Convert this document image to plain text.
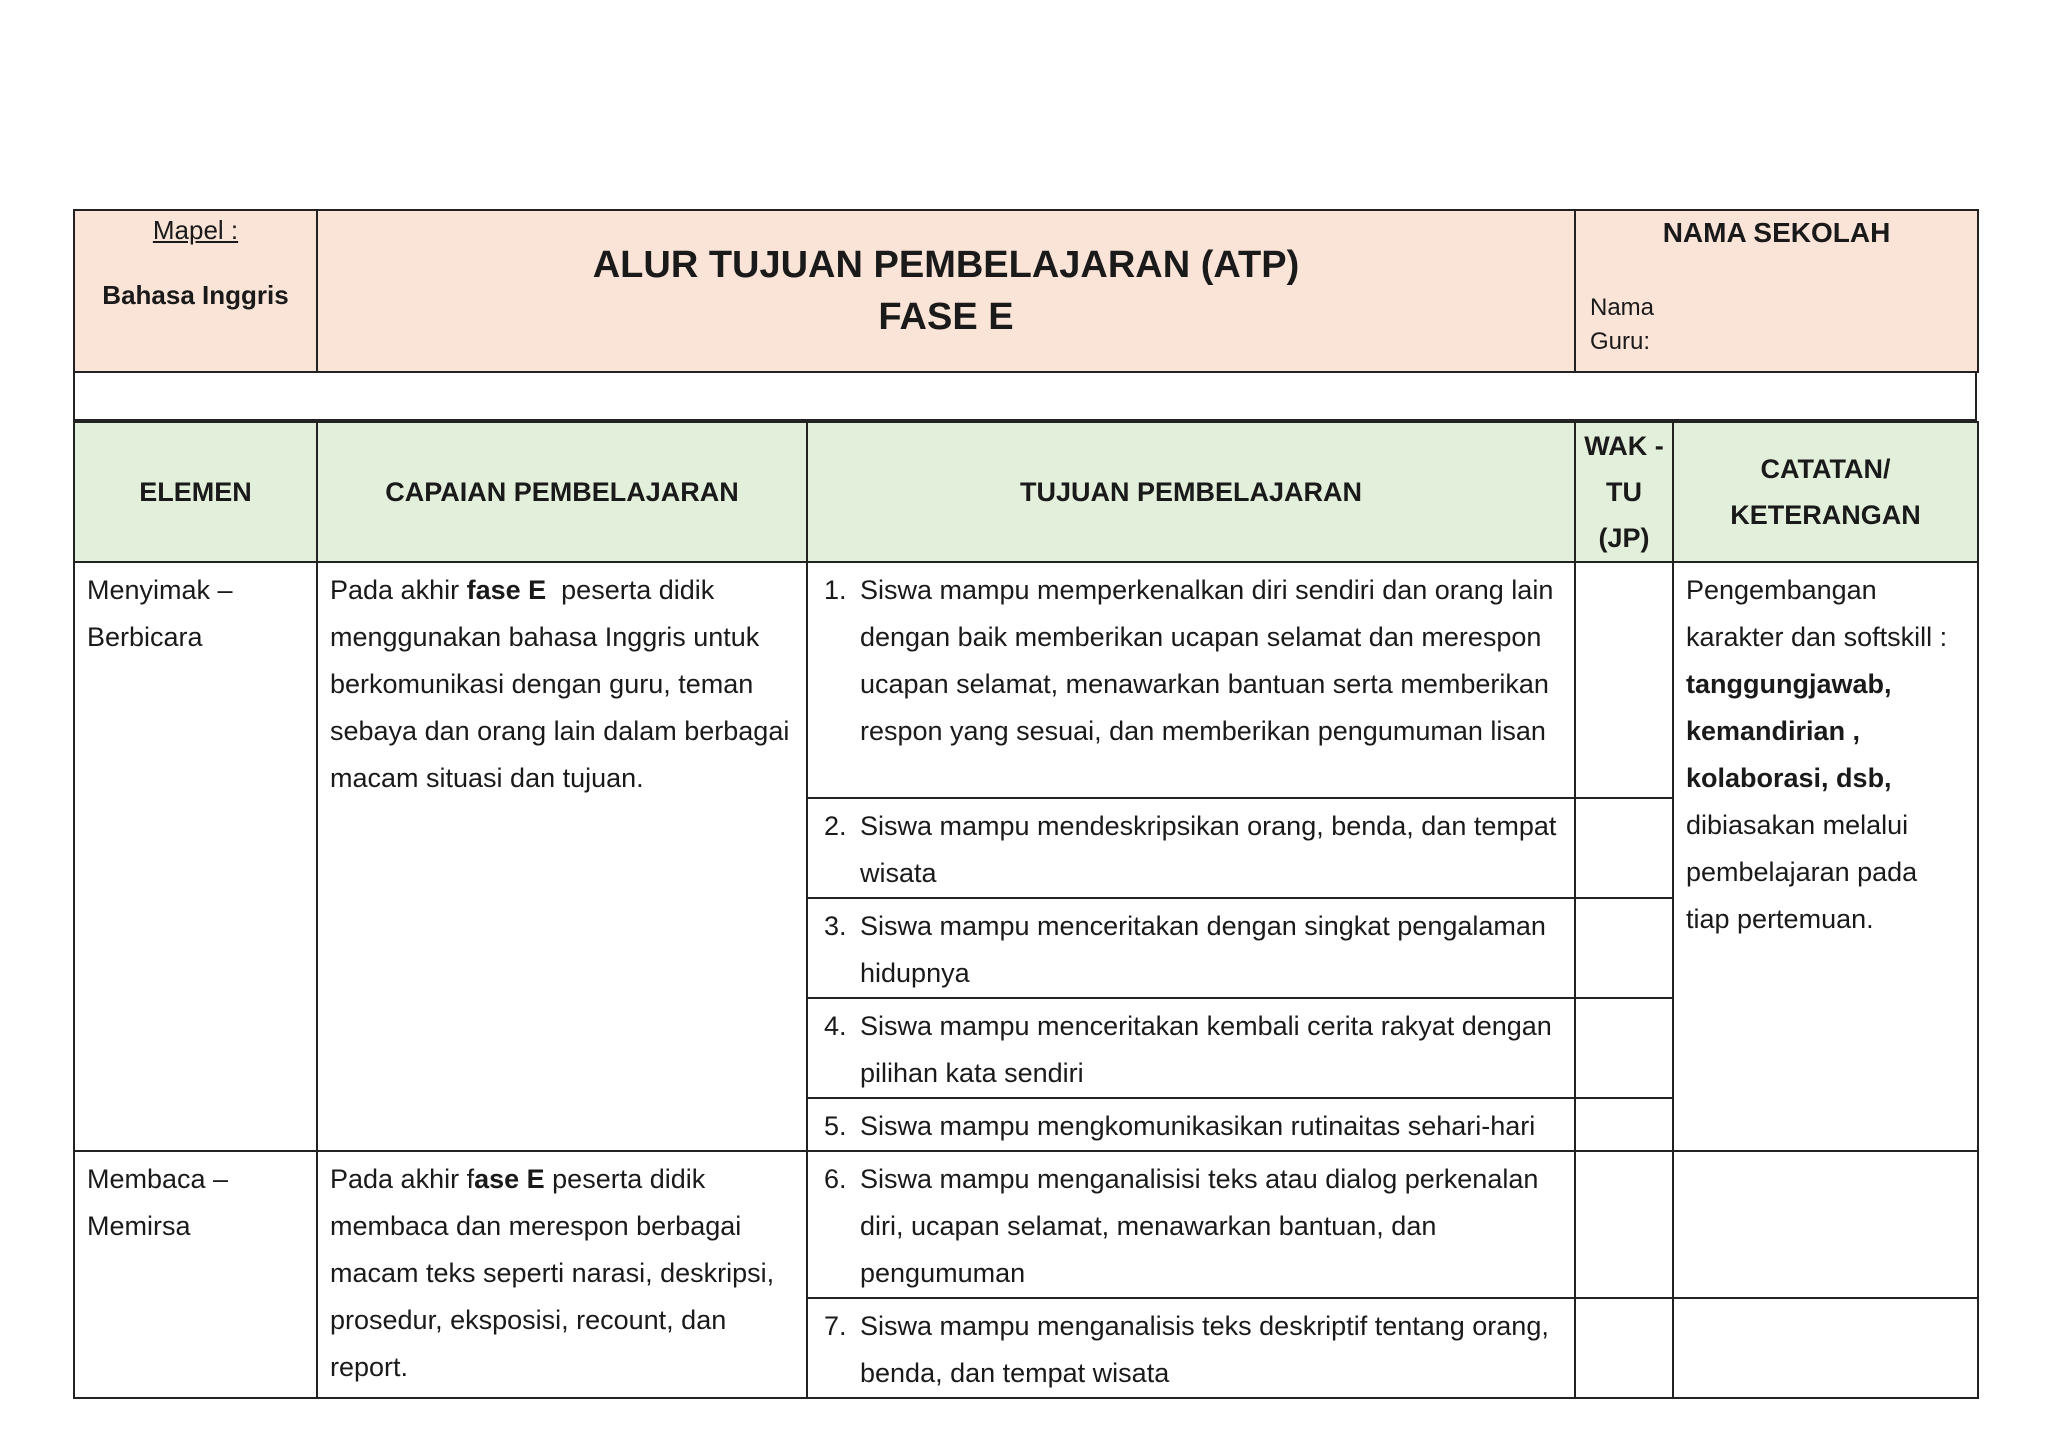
Mapel :
Bahasa Inggris

ALUR TUJUAN PEMBELAJARAN (ATP)
FASE E

NAMA SEKOLAH
Nama Guru:
ELEMEN	CAPAIAN PEMBELAJARAN	TUJUAN PEMBELAJARAN	WAK - TU (JP)	CATATAN/
KETERANGAN

Menyimak – Berbicara	Pada akhir fase E  peserta didik menggunakan bahasa Inggris untuk berkomunikasi dengan guru, teman sebaya dan orang lain dalam berbagai macam situasi dan tujuan.	1. Siswa mampu memperkenalkan diri sendiri dan orang lain dengan baik memberikan ucapan selamat dan merespon ucapan selamat, menawarkan bantuan serta memberikan respon yang sesuai, dan memberikan pengumuman lisan		Pengembangan karakter dan softskill : tanggungjawab, kemandirian , kolaborasi, dsb, dibiasakan melalui pembelajaran pada tiap pertemuan.

		2. Siswa mampu mendeskripsikan orang, benda, dan tempat wisata		

		3. Siswa mampu menceritakan dengan singkat pengalaman hidupnya		

		4. Siswa mampu menceritakan kembali cerita rakyat dengan pilihan kata sendiri		

		5. Siswa mampu mengkomunikasikan rutinaitas sehari-hari		

Membaca – Memirsa	Pada akhir fase E peserta didik membaca dan merespon berbagai macam teks seperti narasi, deskripsi, prosedur, eksposisi, recount, dan report.	6. Siswa mampu menganalisisi teks atau dialog perkenalan diri, ucapan selamat, menawarkan bantuan, dan pengumuman		

		7. Siswa mampu menganalisis teks deskriptif tentang orang, benda, dan tempat wisata		
